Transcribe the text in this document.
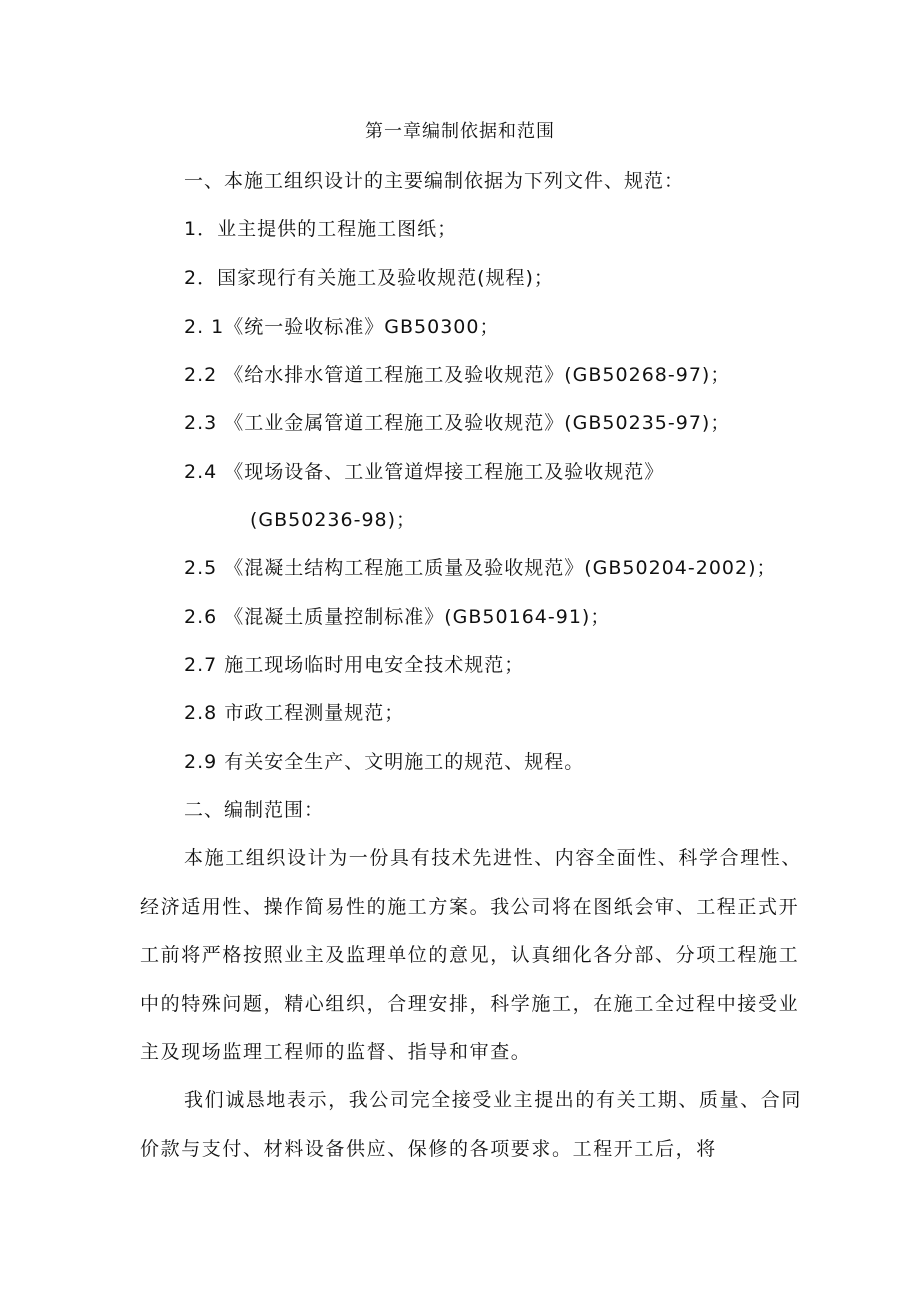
第一章编制依据和范围
一、本施工组织设计的主要编制依据为下列文件、规范：
1．业主提供的工程施工图纸；
2．国家现行有关施工及验收规范(规程)；
2. 1《统一验收标准》GB50300；
2.2 《给水排水管道工程施工及验收规范》(GB50268-97)；
2.3 《工业金属管道工程施工及验收规范》(GB50235-97)；
2.4 《现场设备、工业管道焊接工程施工及验收规范》
(GB50236-98)；
2.5 《混凝土结构工程施工质量及验收规范》(GB50204-2002)；
2.6 《混凝土质量控制标准》(GB50164-91)；
2.7 施工现场临时用电安全技术规范；
2.8 市政工程测量规范；
2.9 有关安全生产、文明施工的规范、规程。
二、编制范围：
本施工组织设计为一份具有技术先进性、内容全面性、科学合理性、
经济适用性、操作简易性的施工方案。我公司将在图纸会审、工程正式开
工前将严格按照业主及监理单位的意见，认真细化各分部、分项工程施工
中的特殊问题，精心组织，合理安排，科学施工，在施工全过程中接受业
主及现场监理工程师的监督、指导和审查。
我们诚恳地表示，我公司完全接受业主提出的有关工期、质量、合同
价款与支付、材料设备供应、保修的各项要求。工程开工后，将
